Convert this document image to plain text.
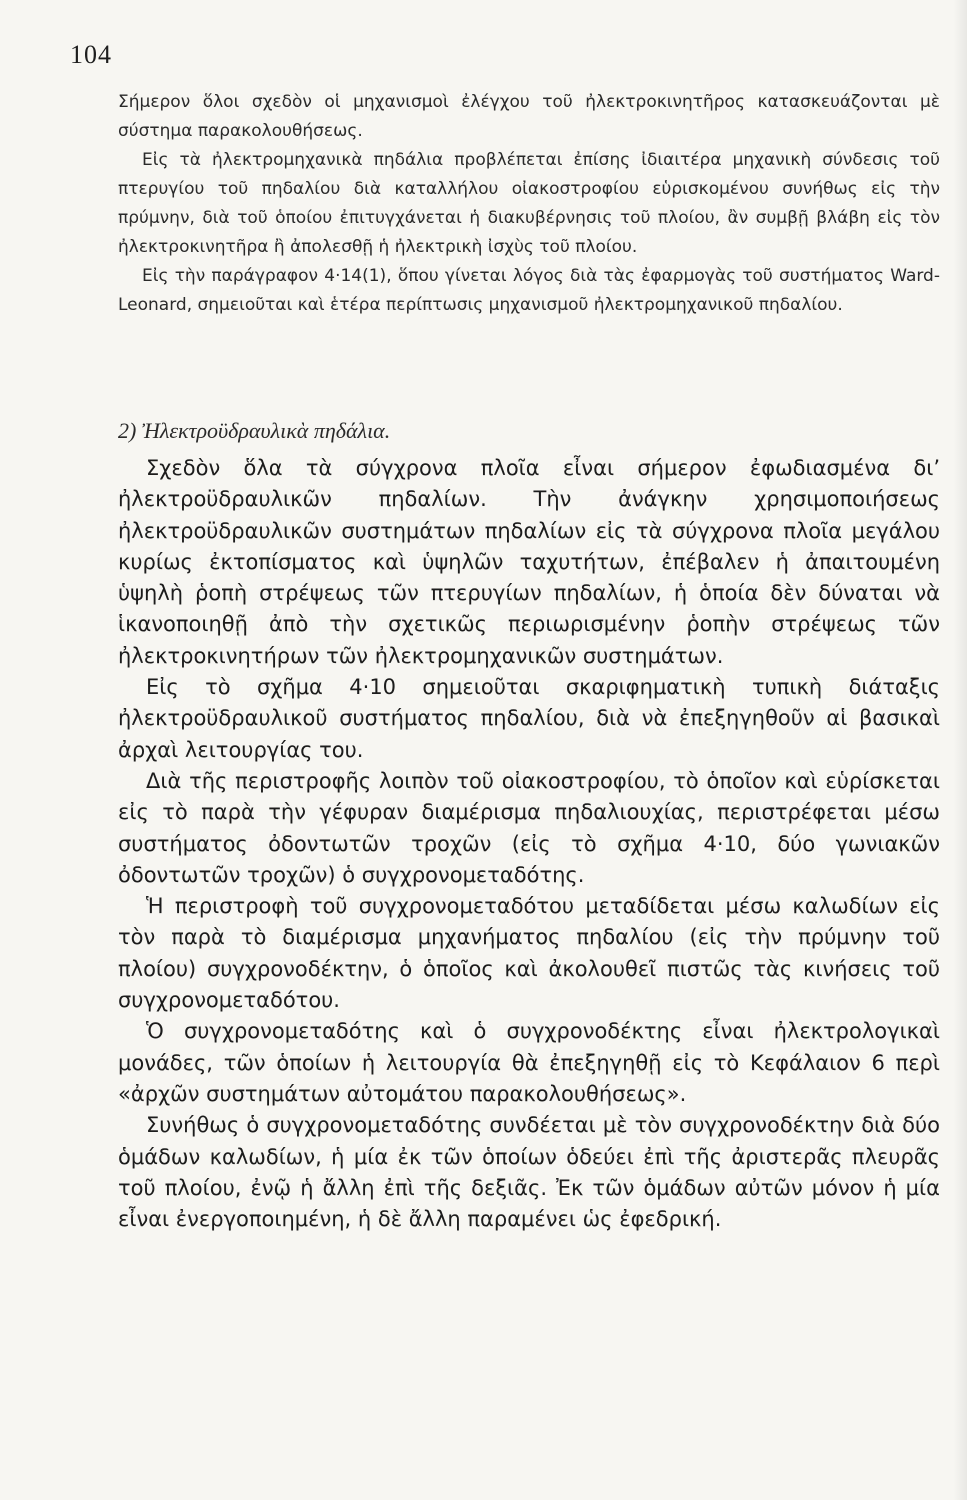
104

Σήμερον ὅλοι σχεδὸν οἱ μηχανισμοὶ ἐλέγχου τοῦ ἠλεκτροκινητῆρος κατασκευάζονται μὲ σύστημα παρακολουθήσεως.

Εἰς τὰ ἠλεκτρομηχανικὰ πηδάλια προβλέπεται ἐπίσης ἰδιαιτέρα μηχανικὴ σύνδεσις τοῦ πτερυγίου τοῦ πηδαλίου διὰ καταλλήλου οἰακοστροφίου εὑρισκομένου συνήθως εἰς τὴν πρύμνην, διὰ τοῦ ὁποίου ἐπιτυγχάνεται ἡ διακυβέρνησις τοῦ πλοίου, ἂν συμβῇ βλάβη εἰς τὸν ἠλεκτροκινητῆρα ἢ ἀπολεσθῇ ἡ ἠλεκτρικὴ ἰσχὺς τοῦ πλοίου.

Εἰς τὴν παράγραφον 4·14(1), ὅπου γίνεται λόγος διὰ τὰς ἐφαρμογὰς τοῦ συστήματος Ward-Leonard, σημειοῦται καὶ ἑτέρα περίπτωσις μηχανισμοῦ ἠλεκτρομηχανικοῦ πηδαλίου.

2) Ἠλεκτροϋδραυλικὰ πηδάλια.

Σχεδὸν ὅλα τὰ σύγχρονα πλοῖα εἶναι σήμερον ἐφωδιασμένα δι’ ἠλεκτροϋδραυλικῶν πηδαλίων. Τὴν ἀνάγκην χρησιμοποιήσεως ἠλεκτροϋδραυλικῶν συστημάτων πηδαλίων εἰς τὰ σύγχρονα πλοῖα μεγάλου κυρίως ἐκτοπίσματος καὶ ὑψηλῶν ταχυτήτων, ἐπέβαλεν ἡ ἀπαιτουμένη ὑψηλὴ ῥοπὴ στρέψεως τῶν πτερυγίων πηδαλίων, ἡ ὁποία δὲν δύναται νὰ ἱκανοποιηθῇ ἀπὸ τὴν σχετικῶς περιωρισμένην ῥοπὴν στρέψεως τῶν ἠλεκτροκινητήρων τῶν ἠλεκτρομηχανικῶν συστημάτων.

Εἰς τὸ σχῆμα 4·10 σημειοῦται σκαριφηματικὴ τυπικὴ διάταξις ἠλεκτροϋδραυλικοῦ συστήματος πηδαλίου, διὰ νὰ ἐπεξηγηθοῦν αἱ βασικαὶ ἀρχαὶ λειτουργίας του.

Διὰ τῆς περιστροφῆς λοιπὸν τοῦ οἰακοστροφίου, τὸ ὁποῖον καὶ εὑρίσκεται εἰς τὸ παρὰ τὴν γέφυραν διαμέρισμα πηδαλιουχίας, περιστρέφεται μέσω συστήματος ὀδοντωτῶν τροχῶν (εἰς τὸ σχῆμα 4·10, δύο γωνιακῶν ὀδοντωτῶν τροχῶν) ὁ συγχρονομεταδότης.

Ἡ περιστροφὴ τοῦ συγχρονομεταδότου μεταδίδεται μέσω καλωδίων εἰς τὸν παρὰ τὸ διαμέρισμα μηχανήματος πηδαλίου (εἰς τὴν πρύμνην τοῦ πλοίου) συγχρονοδέκτην, ὁ ὁποῖος καὶ ἀκολουθεῖ πιστῶς τὰς κινήσεις τοῦ συγχρονομεταδότου.

Ὁ συγχρονομεταδότης καὶ ὁ συγχρονοδέκτης εἶναι ἠλεκτρολογικαὶ μονάδες, τῶν ὁποίων ἡ λειτουργία θὰ ἐπεξηγηθῇ εἰς τὸ Κεφάλαιον 6 περὶ «ἀρχῶν συστημάτων αὐτομάτου παρακολουθήσεως».

Συνήθως ὁ συγχρονομεταδότης συνδέεται μὲ τὸν συγχρονοδέκτην διὰ δύο ὁμάδων καλωδίων, ἡ μία ἐκ τῶν ὁποίων ὁδεύει ἐπὶ τῆς ἀριστερᾶς πλευρᾶς τοῦ πλοίου, ἐνῷ ἡ ἄλλη ἐπὶ τῆς δεξιᾶς. Ἐκ τῶν ὁμάδων αὐτῶν μόνον ἡ μία εἶναι ἐνεργοποιημένη, ἡ δὲ ἄλλη παραμένει ὡς ἐφεδρική.
